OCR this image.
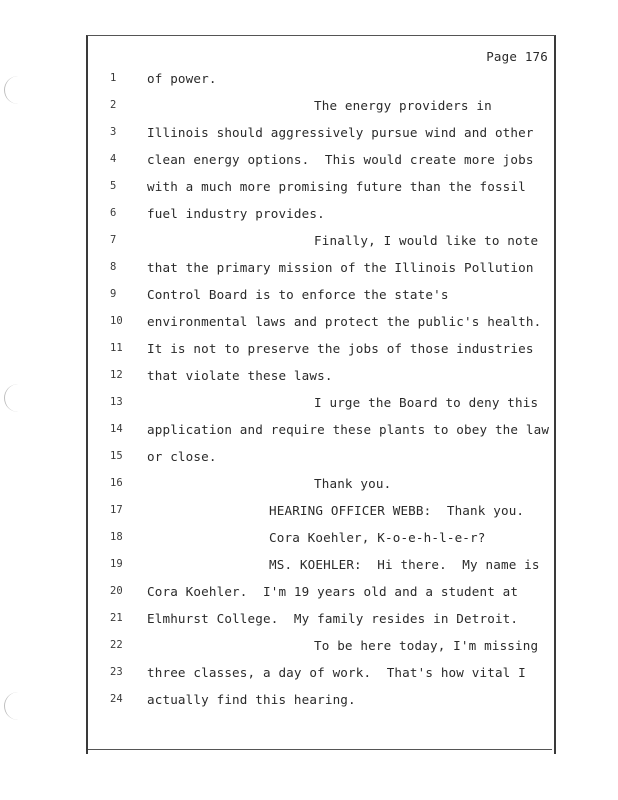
Page 176
1	of power.
2	The energy providers in
3	Illinois should aggressively pursue wind and other
4	clean energy options.  This would create more jobs
5	with a much more promising future than the fossil
6	fuel industry provides.
7	Finally, I would like to note
8	that the primary mission of the Illinois Pollution
9	Control Board is to enforce the state's
10	environmental laws and protect the public's health.
11	It is not to preserve the jobs of those industries
12	that violate these laws.
13	I urge the Board to deny this
14	application and require these plants to obey the law
15	or close.
16	Thank you.
17	HEARING OFFICER WEBB:  Thank you.
18	Cora Koehler, K-o-e-h-l-e-r?
19	MS. KOEHLER:  Hi there.  My name is
20	Cora Koehler.  I'm 19 years old and a student at
21	Elmhurst College.  My family resides in Detroit.
22	To be here today, I'm missing
23	three classes, a day of work.  That's how vital I
24	actually find this hearing.
